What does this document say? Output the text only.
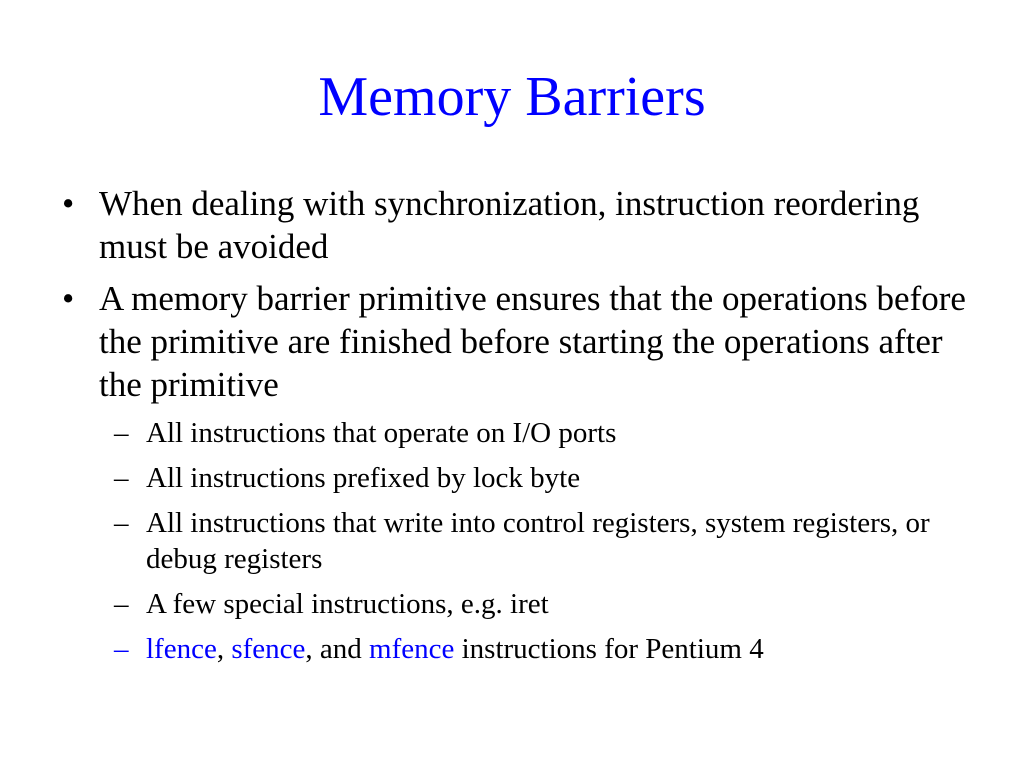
Memory Barriers
• When dealing with synchronization, instruction reordering must be avoided
• A memory barrier primitive ensures that the operations before the primitive are finished before starting the operations after the primitive
– All instructions that operate on I/O ports
– All instructions prefixed by lock byte
– All instructions that write into control registers, system registers, or debug registers
– A few special instructions, e.g. iret
– lfence, sfence, and mfence instructions for Pentium 4
